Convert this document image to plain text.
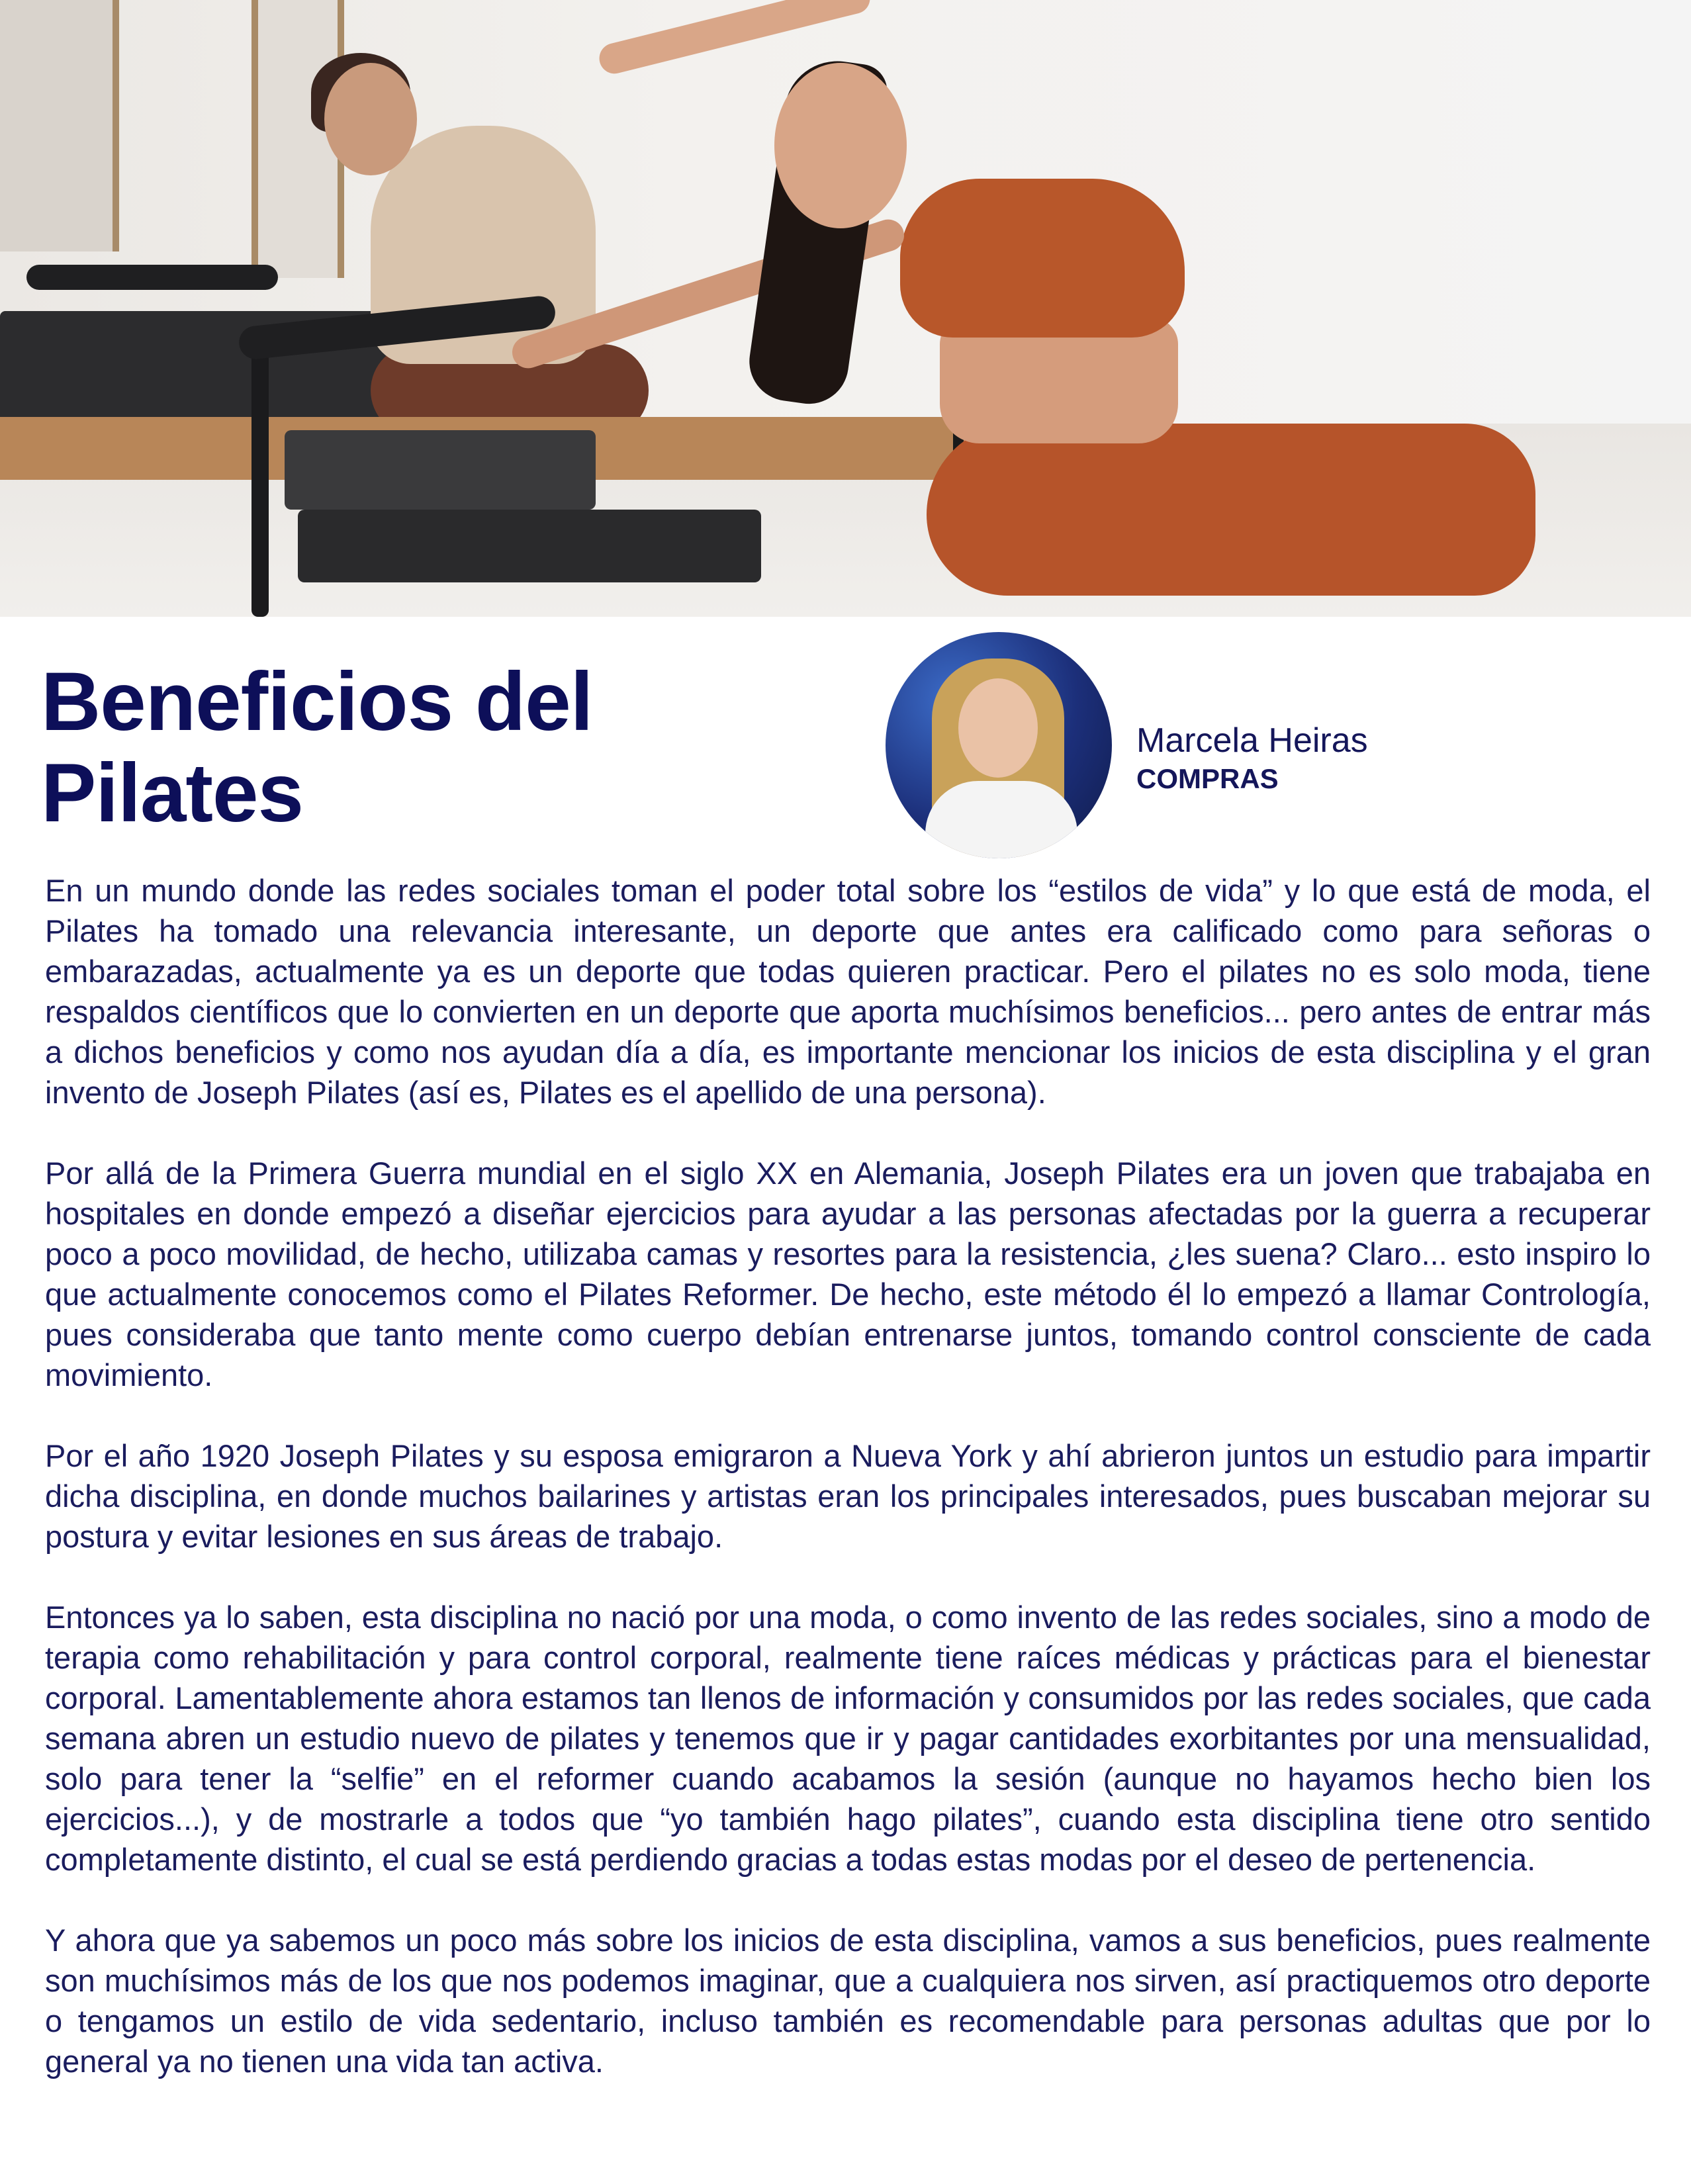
Beneficios del
Pilates
Marcela Heiras
COMPRAS

En un mundo donde las redes sociales toman el poder total sobre los “estilos de vida” y lo que está de moda, el Pilates ha tomado una relevancia interesante, un deporte que antes era calificado como para señoras o embarazadas, actualmente ya es un deporte que todas quieren practicar. Pero el pilates no es solo moda, tiene respaldos científicos que lo convierten en un deporte que aporta muchísimos beneficios... pero antes de entrar más a dichos beneficios y como nos ayudan día a día, es importante mencionar los inicios de esta disciplina y el gran invento de Joseph Pilates (así es, Pilates es el apellido de una persona).

Por allá de la Primera Guerra mundial en el siglo XX en Alemania, Joseph Pilates era un joven que trabajaba en hospitales en donde empezó a diseñar ejercicios para ayudar a las personas afectadas por la guerra a recuperar poco a poco movilidad, de hecho, utilizaba camas y resortes para la resistencia, ¿les suena? Claro... esto inspiro lo que actualmente conocemos como el Pilates Reformer. De hecho, este método él lo empezó a llamar Contrología, pues consideraba que tanto mente como cuerpo debían entrenarse juntos, tomando control consciente de cada movimiento.

Por el año 1920 Joseph Pilates y su esposa emigraron a Nueva York y ahí abrieron juntos un estudio para impartir dicha disciplina, en donde muchos bailarines y artistas eran los principales interesados, pues buscaban mejorar su postura y evitar lesiones en sus áreas de trabajo.

Entonces ya lo saben, esta disciplina no nació por una moda, o como invento de las redes sociales, sino a modo de terapia como rehabilitación y para control corporal, realmente tiene raíces médicas y prácticas para el bienestar corporal. Lamentablemente ahora estamos tan llenos de información y consumidos por las redes sociales, que cada semana abren un estudio nuevo de pilates y tenemos que ir y pagar cantidades exorbitantes por una mensualidad, solo para tener la “selfie” en el reformer cuando acabamos la sesión (aunque no hayamos hecho bien los ejercicios...), y de mostrarle a todos que “yo también hago pilates”, cuando esta disciplina tiene otro sentido completamente distinto, el cual se está perdiendo gracias a todas estas modas por el deseo de pertenencia.

Y ahora que ya sabemos un poco más sobre los inicios de esta disciplina, vamos a sus beneficios, pues realmente son muchísimos más de los que nos podemos imaginar, que a cualquiera nos sirven, así practiquemos otro deporte o tengamos un estilo de vida sedentario, incluso también es recomendable para personas adultas que por lo general ya no tienen una vida tan activa.
